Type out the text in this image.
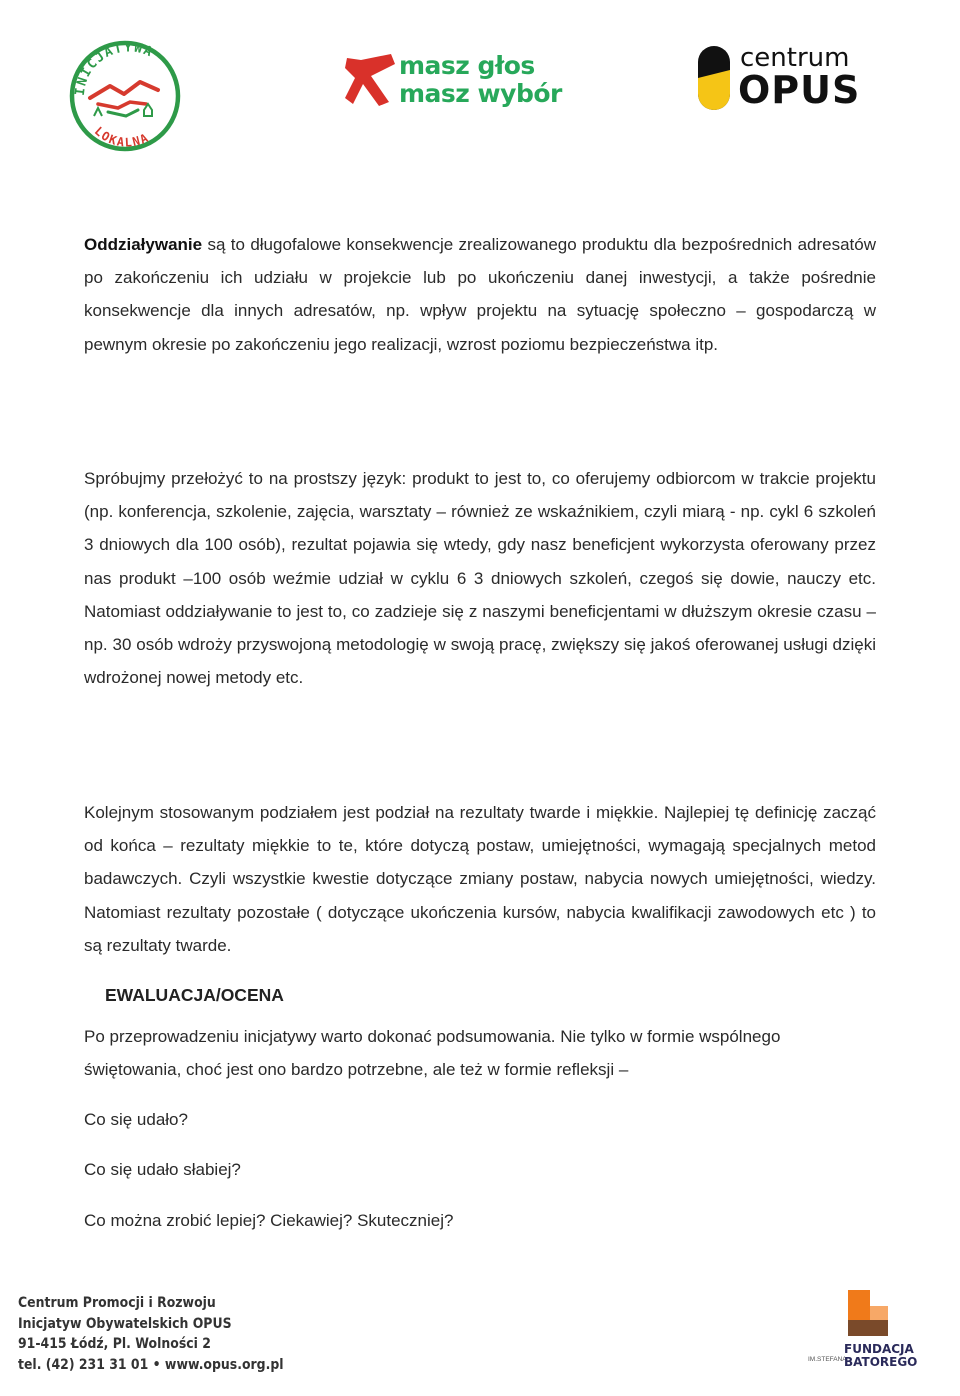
INICJATYWA
LOKALNA
masz głos
masz wybór
centrum
OPUS

Oddziaływanie są to długofalowe konsekwencje zrealizowanego produktu dla bezpośrednich adresatów po zakończeniu ich udziału w projekcie lub po ukończeniu danej inwestycji, a także pośrednie konsekwencje dla innych adresatów, np. wpływ projektu na sytuację społeczno – gospodarczą w pewnym okresie po zakończeniu jego realizacji, wzrost poziomu bezpieczeństwa itp.

Spróbujmy przełożyć to na prostszy język: produkt to jest to, co oferujemy odbiorcom w trakcie projektu (np. konferencja, szkolenie, zajęcia, warsztaty – również ze wskaźnikiem, czyli miarą - np. cykl 6 szkoleń 3 dniowych dla 100 osób), rezultat pojawia się wtedy, gdy nasz beneficjent wykorzysta oferowany przez nas produkt –100 osób weźmie udział w cyklu 6 3 dniowych szkoleń, czegoś się dowie, nauczy etc. Natomiast oddziaływanie to jest to, co zadzieje się z naszymi beneficjentami w dłuższym okresie czasu – np. 30 osób wdroży przyswojoną metodologię w swoją pracę, zwiększy się jakoś oferowanej usługi dzięki wdrożonej nowej metody etc.

Kolejnym stosowanym podziałem jest podział na rezultaty twarde i miękkie. Najlepiej tę definicję zacząć od końca – rezultaty miękkie to te, które dotyczą postaw, umiejętności, wymagają specjalnych metod badawczych. Czyli wszystkie kwestie dotyczące zmiany postaw, nabycia nowych umiejętności, wiedzy. Natomiast rezultaty pozostałe ( dotyczące ukończenia kursów, nabycia kwalifikacji zawodowych etc ) to są rezultaty twarde.

EWALUACJA/OCENA

Po przeprowadzeniu inicjatywy warto dokonać podsumowania. Nie tylko w formie wspólnego świętowania, choć jest ono bardzo potrzebne, ale też w formie refleksji –

Co się udało?

Co się udało słabiej?

Co można zrobić lepiej? Ciekawiej? Skuteczniej?

Centrum Promocji i Rozwoju
Inicjatyw Obywatelskich OPUS
91-415 Łódź, Pl. Wolności 2
tel. (42) 231 31 01 • www.opus.org.pl	IM.STEFANA
FUNDACJA
BATOREGO
